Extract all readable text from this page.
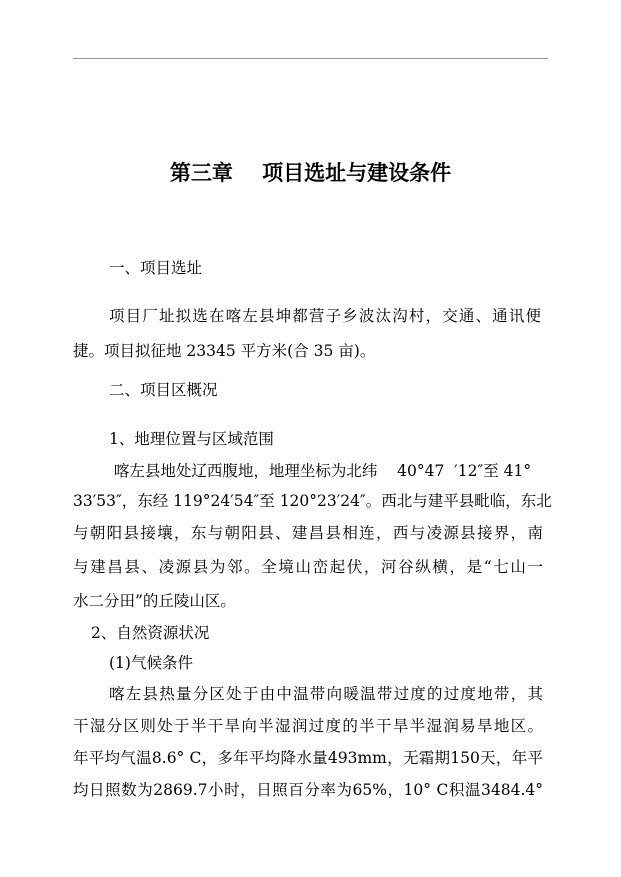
第三章    项目选址与建设条件
一、项目选址
项目厂址拟选在喀左县坤都营子乡波汰沟村，交通、通讯便
捷。项目拟征地 23345 平方米(合 35 亩)。
二、项目区概况
1、地理位置与区域范围
喀左县地处辽西腹地，地理坐标为北纬    40°47  ′12″至 41°
33′53″，东经 119°24′54″至 120°23′24″。西北与建平县毗临，东北
与朝阳县接壤，东与朝阳县、建昌县相连，西与凌源县接界，南
与建昌县、凌源县为邻。全境山峦起伏，河谷纵横，是“七山一
水二分田”的丘陵山区。
2、自然资源状况
(1)气候条件
喀左县热量分区处于由中温带向暖温带过度的过度地带，其
干湿分区则处于半干旱向半湿润过度的半干旱半湿润易旱地区。
年平均气温8.6° C，多年平均降水量493mm，无霜期150天，年平
均日照数为2869.7小时，日照百分率为65%，10° C积温3484.4°
